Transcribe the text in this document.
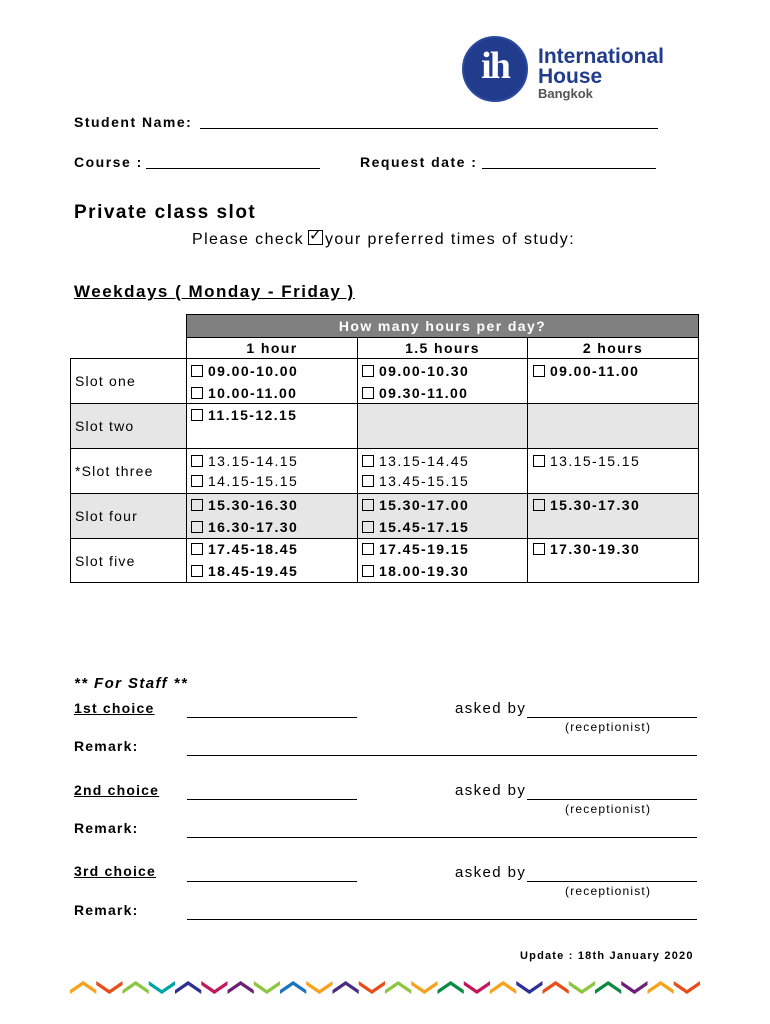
ih	International
House
Bangkok
Student Name:
Course :	Request date :
Private class slot
Please check✓ your preferred times of study:
Weekdays ( Monday - Friday )
How many hours per day?
1 hour	1.5 hours	2 hours
Slot one
Slot two
*Slot three
Slot four
Slot five
09.00-10.00
10.00-11.00
11.15-12.15
13.15-14.15
14.15-15.15
15.30-16.30
16.30-17.30
17.45-18.45
18.45-19.45
09.00-10.30
09.30-11.00
13.15-14.45
13.45-15.15
15.30-17.00
15.45-17.15
17.45-19.15
18.00-19.30
09.00-11.00
13.15-15.15
15.30-17.30
17.30-19.30
** For Staff **
1st choice	asked by
(receptionist)
Remark:
2nd choice	asked by
(receptionist)
Remark:
3rd choice	asked by
(receptionist)
Remark:
Update : 18th January 2020
